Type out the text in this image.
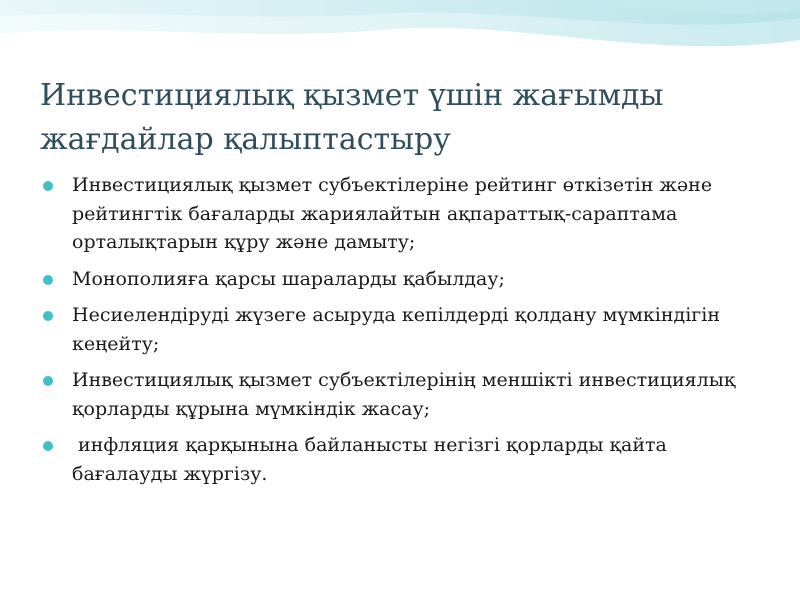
Инвестициялық қызмет үшін жағымды жағдайлар қалыптастыру
Инвестициялық қызмет субъектілеріне рейтинг өткізетін және рейтингтік бағаларды жариялайтын ақпараттық-сараптама орталықтарын құру және дамыту;
Монополияға қарсы шараларды қабылдау;
Несиелендіруді жүзеге асыруда кепілдерді қолдану мүмкіндігін кеңейту;
Инвестициялық қызмет субъектілерінің меншікті инвестициялық қорларды құрына мүмкіндік жасау;
инфляция қарқынына байланысты негізгі қорларды қайта бағалауды жүргізу.
